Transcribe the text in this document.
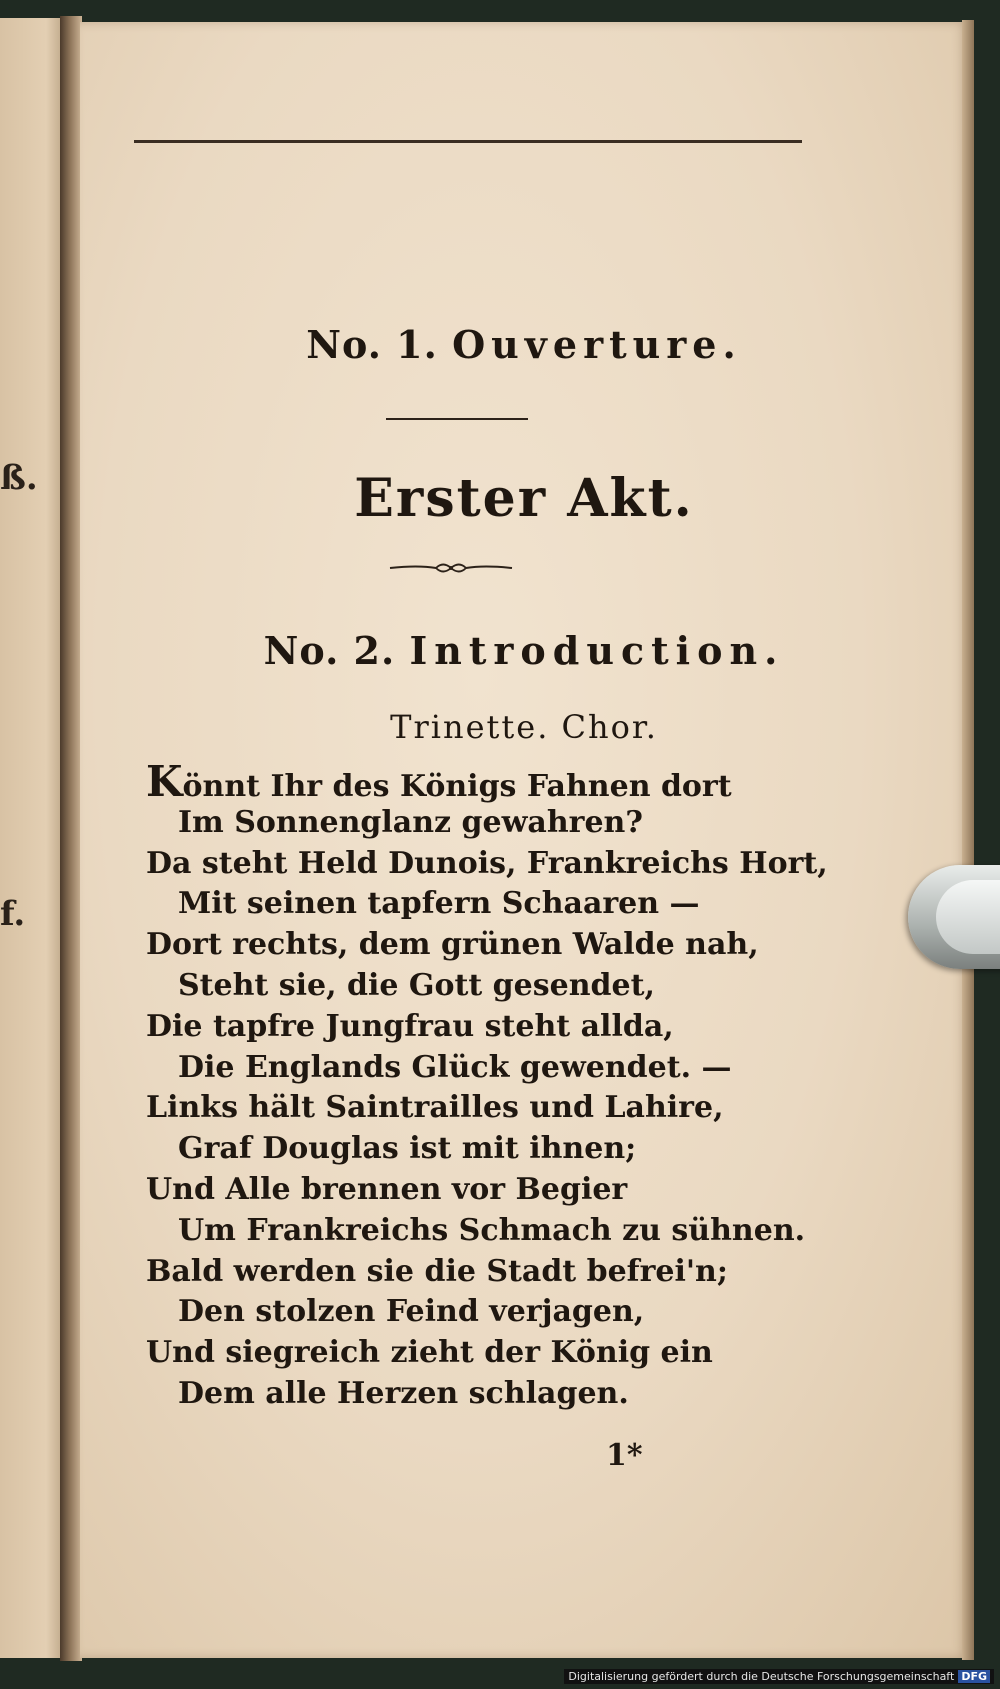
ß.
f.
No. 1. Ouverture.
Erster Akt.
No. 2. Introduction.
Trinette. Chor.
Könnt Ihr des Königs Fahnen dort
Im Sonnenglanz gewahren?
Da steht Held Dunois, Frankreichs Hort,
Mit seinen tapfern Schaaren —
Dort rechts, dem grünen Walde nah,
Steht sie, die Gott gesendet,
Die tapfre Jungfrau steht allda,
Die Englands Glück gewendet. —
Links hält Saintrailles und Lahire,
Graf Douglas ist mit ihnen;
Und Alle brennen vor Begier
Um Frankreichs Schmach zu sühnen.
Bald werden sie die Stadt befrei'n;
Den stolzen Feind verjagen,
Und siegreich zieht der König ein
Dem alle Herzen schlagen.
1*
Digitalisierung gefördert durch die Deutsche Forschungsgemeinschaft DFG
